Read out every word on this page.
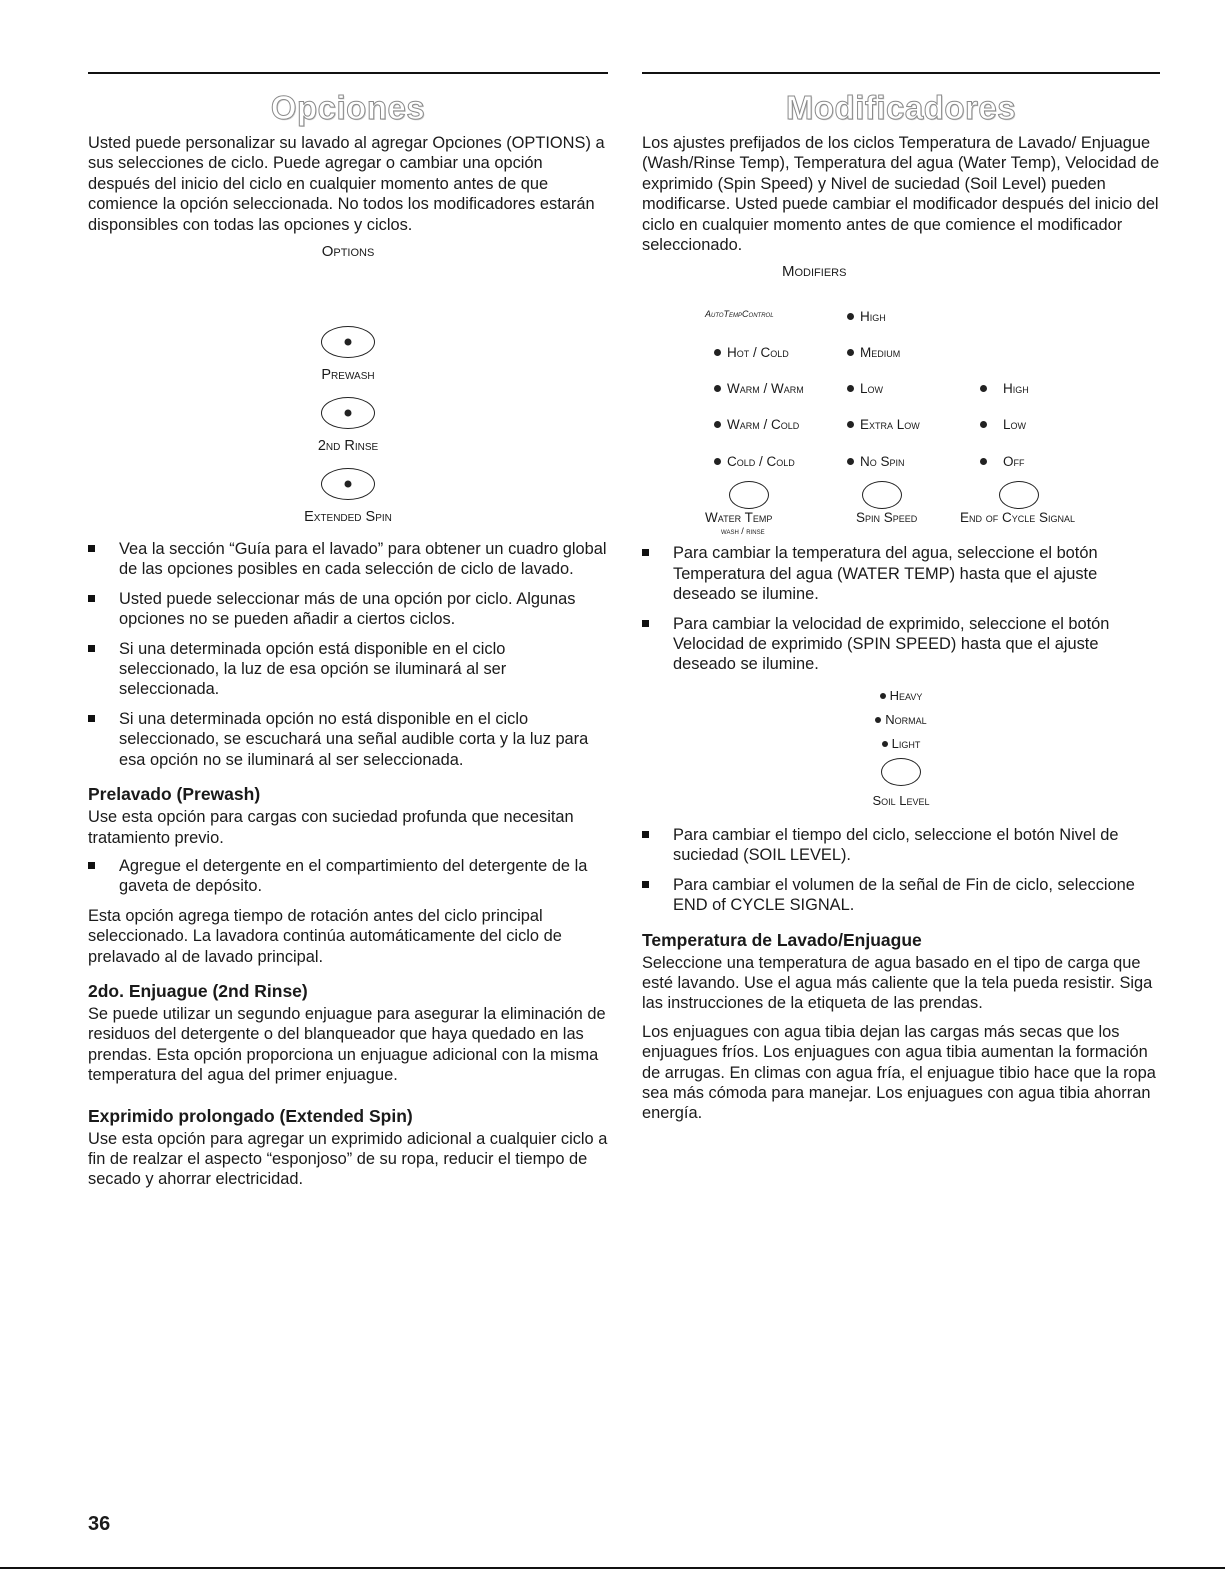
Opciones

Usted puede personalizar su lavado al agregar Opciones (OPTIONS) a sus selecciones de ciclo. Puede agregar o cambiar una opción después del inicio del ciclo en cualquier momento antes de que comience la opción seleccionada. No todos los modificadores estarán disponsibles con todas las opciones y ciclos.

Options
Prewash
2nd Rinse
Extended Spin
Vea la sección “Guía para el lavado” para obtener un cuadro global de las opciones posibles en cada selección de ciclo de lavado.
Usted puede seleccionar más de una opción por ciclo. Algunas opciones no se pueden añadir a ciertos ciclos.
Si una determinada opción está disponible en el ciclo seleccionado, la luz de esa opción se iluminará al ser seleccionada.
Si una determinada opción no está disponible en el ciclo seleccionado, se escuchará una señal audible corta y la luz para esa opción no se iluminará al ser seleccionada.
Prelavado (Prewash)

Use esta opción para cargas con suciedad profunda que necesitan tratamiento previo.

Agregue el detergente en el compartimiento del detergente de la gaveta de depósito.

Esta opción agrega tiempo de rotación antes del ciclo principal seleccionado. La lavadora continúa automáticamente del ciclo de prelavado al de lavado principal.

2do. Enjuague (2nd Rinse)

Se puede utilizar un segundo enjuague para asegurar la eliminación de residuos del detergente o del blanqueador que haya quedado en las prendas. Esta opción proporciona un enjuague adicional con la misma temperatura del agua del primer enjuague.

Exprimido prolongado (Extended Spin)

Use esta opción para agregar un exprimido adicional a cualquier ciclo a fin de realzar el aspecto “esponjoso” de su ropa, reducir el tiempo de secado y ahorrar electricidad.

Modificadores

Los ajustes prefijados de los ciclos Temperatura de Lavado/ Enjuague (Wash/Rinse Temp), Temperatura del agua (Water Temp), Velocidad de exprimido (Spin Speed) y Nivel de suciedad (Soil Level) pueden modificarse. Usted puede cambiar el modificador después del inicio del ciclo en cualquier momento antes de que comience el modificador seleccionado.

Modifiers
AutoTempControl
Hot / Cold
Warm / Warm
Warm / Cold
Cold / Cold
High
Medium
Low
Extra Low
No Spin
High
Low
Off
Water Temp
wash / rinse
Spin Speed	End of Cycle Signal
Para cambiar la temperatura del agua, seleccione el botón Temperatura del agua (WATER TEMP) hasta que el ajuste deseado se ilumine.
Para cambiar la velocidad de exprimido, seleccione el botón Velocidad de exprimido (SPIN SPEED) hasta que el ajuste deseado se ilumine.
Heavy
Normal
Light
Soil Level
Para cambiar el tiempo del ciclo, seleccione el botón Nivel de suciedad (SOIL LEVEL).
Para cambiar el volumen de la señal de Fin de ciclo, seleccione END of CYCLE SIGNAL.
Temperatura de Lavado/Enjuague

Seleccione una temperatura de agua basado en el tipo de carga que esté lavando. Use el agua más caliente que la tela pueda resistir. Siga las instrucciones de la etiqueta de las prendas.

Los enjuagues con agua tibia dejan las cargas más secas que los enjuagues fríos. Los enjuagues con agua tibia aumentan la formación de arrugas. En climas con agua fría, el enjuague tibio hace que la ropa sea más cómoda para manejar. Los enjuagues con agua tibia ahorran energía.

36
